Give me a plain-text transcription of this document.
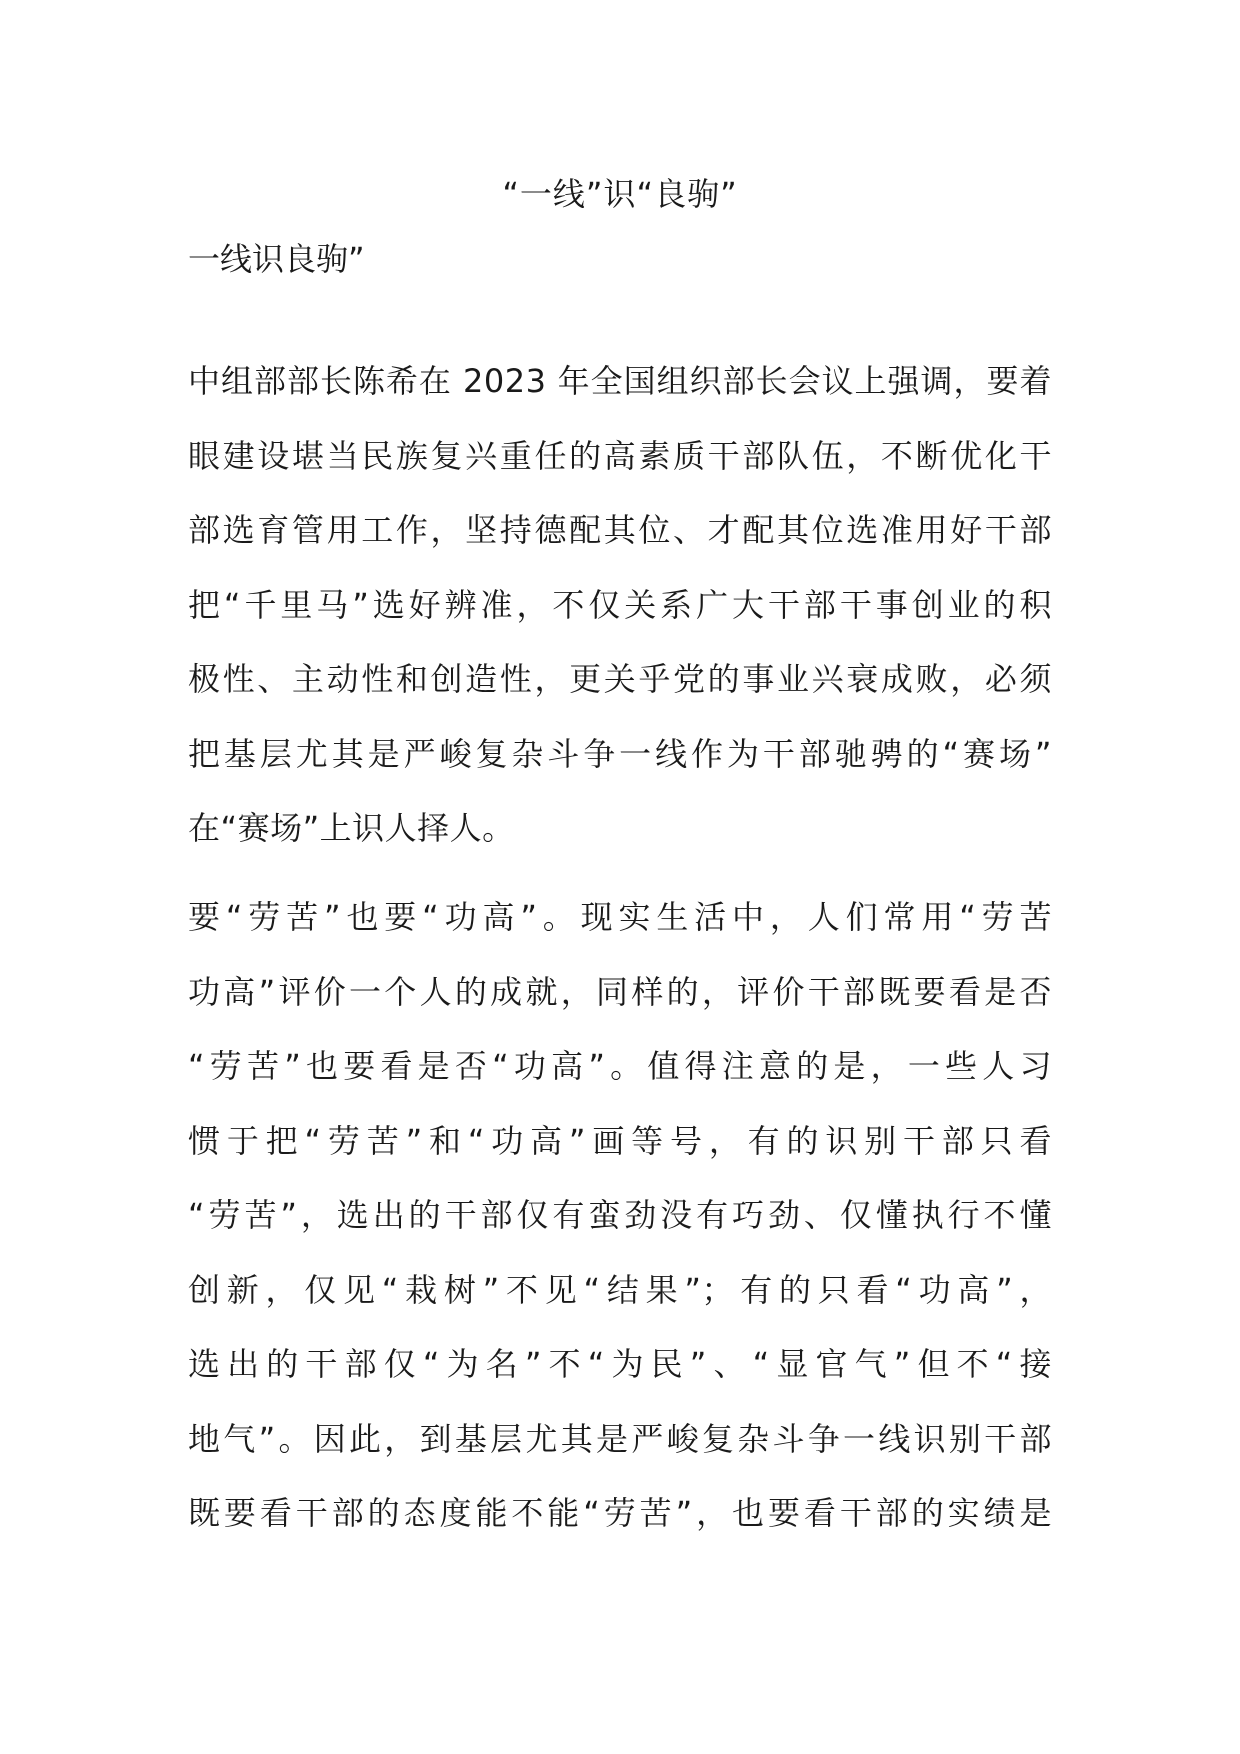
“一线”识“良驹”

一线识良驹”

中组部部长陈希在 2023 年全国组织部长会议上强调，要着
眼建设堪当民族复兴重任的高素质干部队伍，不断优化干
部选育管用工作，坚持德配其位、才配其位选准用好干部
把“千里马”选好辨准，不仅关系广大干部干事创业的积
极性、主动性和创造性，更关乎党的事业兴衰成败，必须
把基层尤其是严峻复杂斗争一线作为干部驰骋的“赛场”
在“赛场”上识人择人。
要“劳苦”也要“功高”。现实生活中，人们常用“劳苦
功高”评价一个人的成就，同样的，评价干部既要看是否
“劳苦”也要看是否“功高”。值得注意的是，一些人习
惯于把“劳苦”和“功高”画等号，有的识别干部只看
“劳苦”，选出的干部仅有蛮劲没有巧劲、仅懂执行不懂
创新，仅见“栽树”不见“结果”；有的只看“功高”，
选出的干部仅“为名”不“为民”、“显官气”但不“接
地气”。因此，到基层尤其是严峻复杂斗争一线识别干部
既要看干部的态度能不能“劳苦”，也要看干部的实绩是
